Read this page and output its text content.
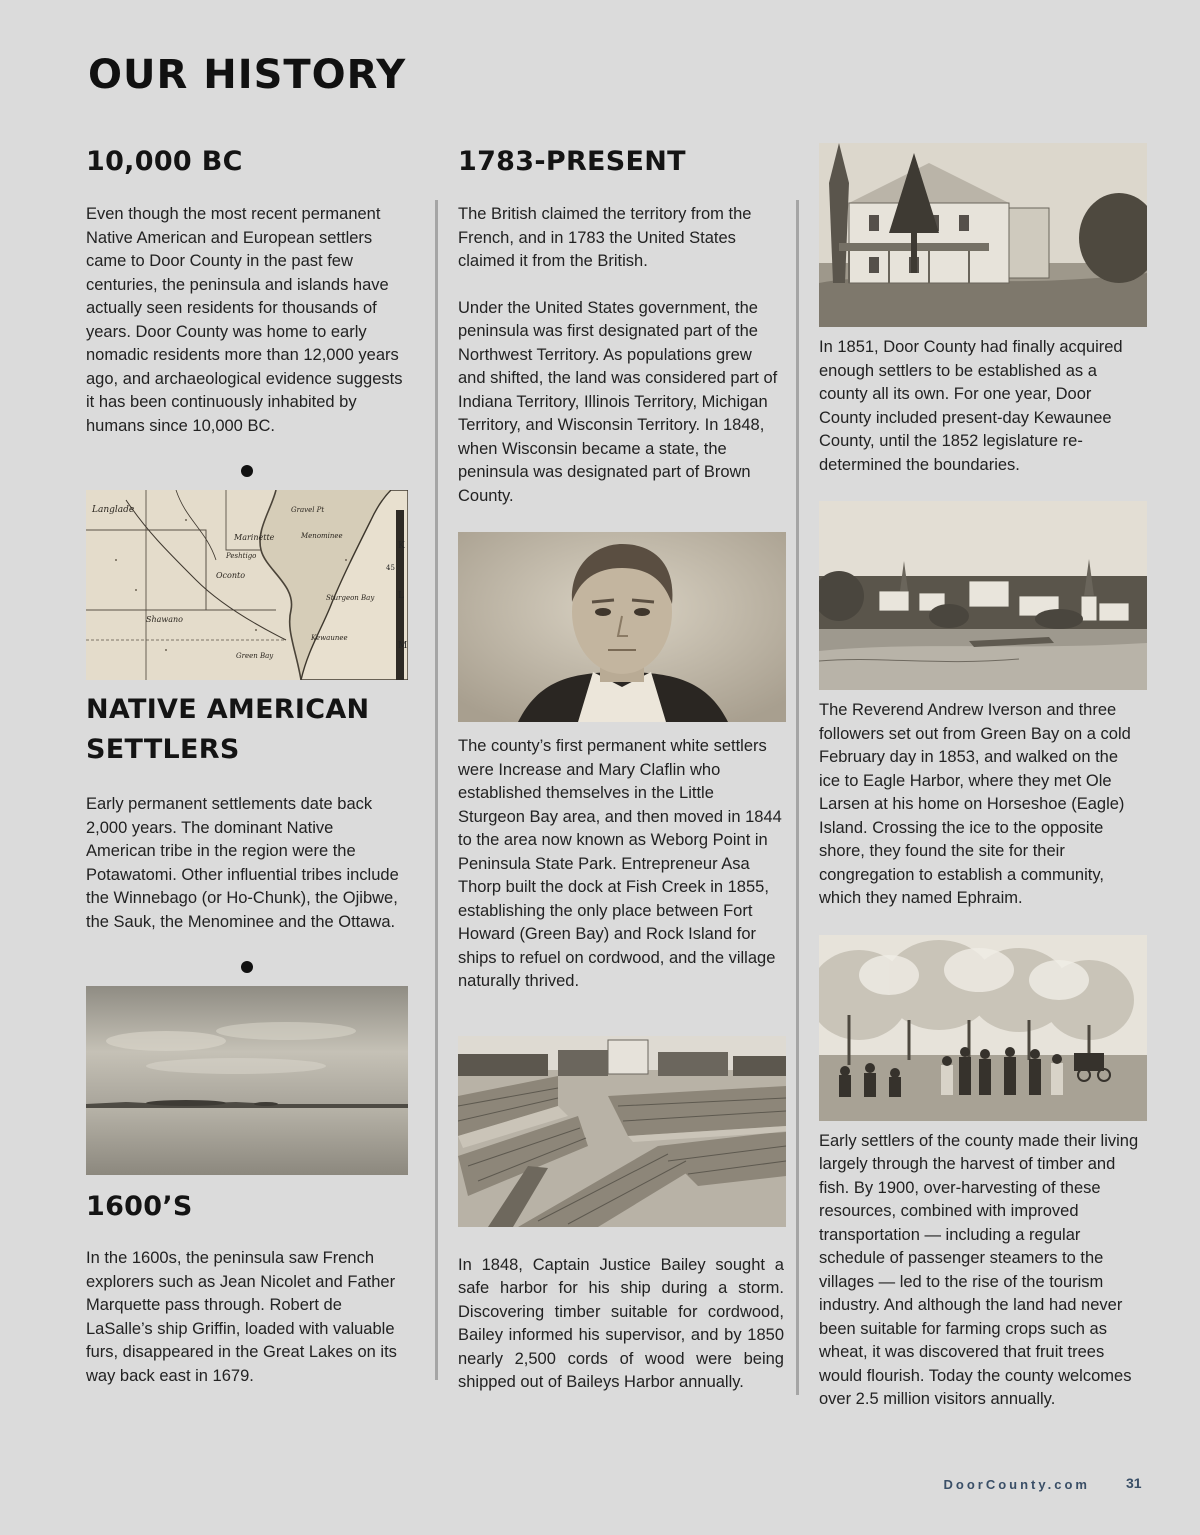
OUR HISTORY
10,000 BC

Even though the most recent permanent Native American and European settlers came to Door County in the past few centuries, the peninsula and islands have actually seen residents for thousands of years. Door County was home to early nomadic residents more than 12,000 years ago, and archaeological evidence suggests it has been continuously inhabited by humans since 10,000 BC.

K
L
M
45
Langlade
Marinette
Gravel Pt
Menominee
Oconto
Peshtigo
Shawano
Sturgeon Bay
Kewaunee
Green Bay
NATIVE AMERICAN
SETTLERS

Early permanent settlements date back 2,000 years. The dominant Native American tribe in the region were the Potawatomi. Other influential tribes include the Winnebago (or Ho-Chunk), the Ojibwe, the Sauk, the Menominee and the Ottawa.

1600’S

In the 1600s, the peninsula saw French explorers such as Jean Nicolet and Father Marquette pass through. Robert de LaSalle’s ship Griffin, loaded with valuable furs, disappeared in the Great Lakes on its way back east in 1679.

1783-PRESENT

The British claimed the territory from the French, and in 1783 the United States claimed it from the British.

Under the United States government, the peninsula was first designated part of the Northwest Territory. As populations grew and shifted, the land was considered part of Indiana Territory, Illinois Territory, Michigan Territory, and Wisconsin Territory. In 1848, when Wisconsin became a state, the peninsula was designated part of Brown County.

The county’s first permanent white settlers were Increase and Mary Claflin who established themselves in the Little Sturgeon Bay area, and then moved in 1844 to the area now known as Weborg Point in Peninsula State Park. Entrepreneur Asa Thorp built the dock at Fish Creek in 1855, establishing the only place between Fort Howard (Green Bay) and Rock Island for ships to refuel on cordwood, and the village naturally thrived.

In 1848, Captain Justice Bailey sought a safe harbor for his ship during a storm. Discovering timber suitable for cordwood, Bailey informed his supervisor, and by 1850 nearly 2,500 cords of wood were being shipped out of Baileys Harbor annually.

In 1851, Door County had finally acquired enough settlers to be established as a county all its own. For one year, Door County included present-day Kewaunee County, until the 1852 legislature re-determined the boundaries.

The Reverend Andrew Iverson and three followers set out from Green Bay on a cold February day in 1853, and walked on the ice to Eagle Harbor, where they met Ole Larsen at his home on Horseshoe (Eagle) Island. Crossing the ice to the opposite shore, they found the site for their congregation to establish a community, which they named Ephraim.

Early settlers of the county made their living largely through the harvest of timber and fish. By 1900, over-harvesting of these resources, combined with improved transportation — including a regular schedule of passenger steamers to the villages — led to the rise of the tourism industry. And although the land had never been suitable for farming crops such as wheat, it was discovered that fruit trees would flourish. Today the county welcomes over 2.5 million visitors annually.

DoorCounty.com	31
